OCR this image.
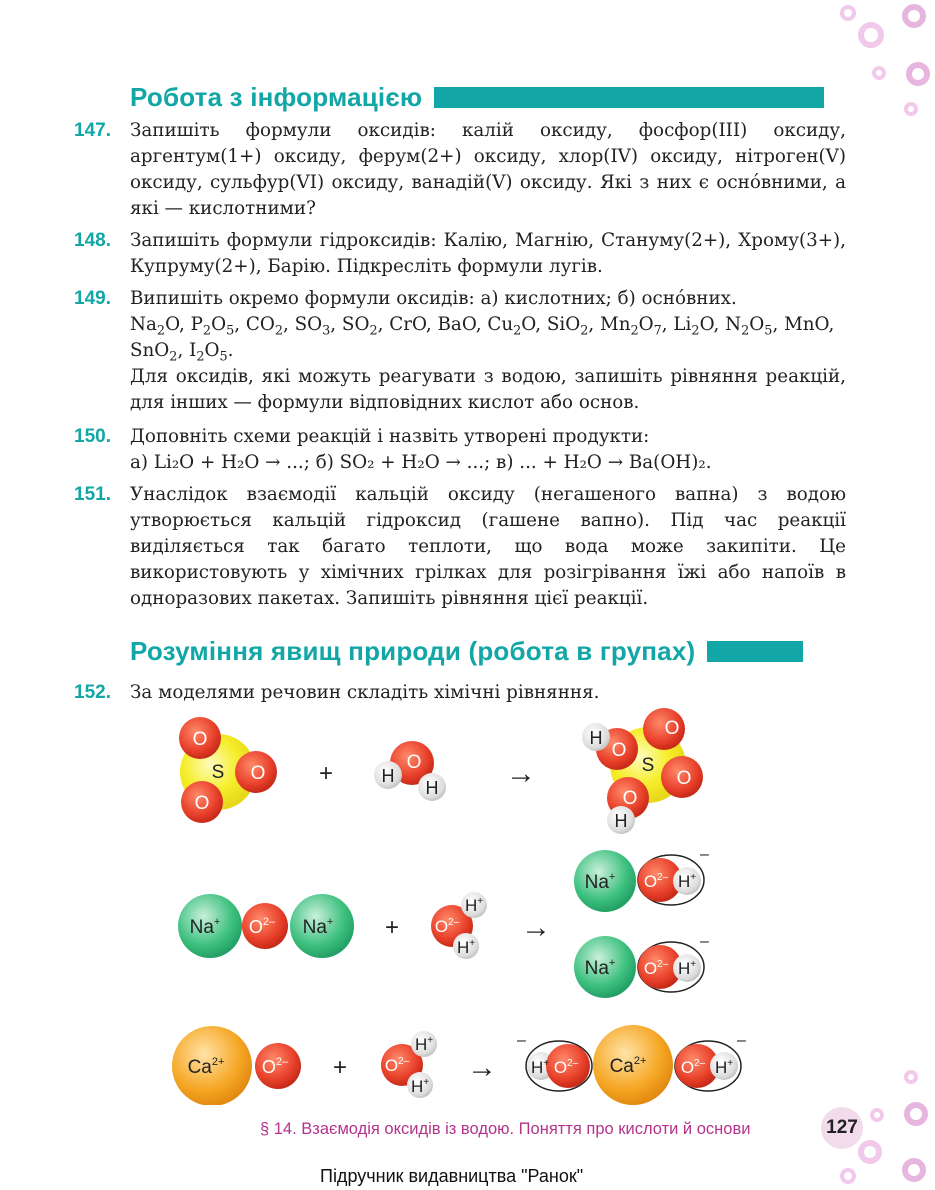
Робота з інформацією
147. Запишіть формули оксидів: калій оксиду, фосфор(III) оксиду, аргентум(1+) оксиду, ферум(2+) оксиду, хлор(IV) оксиду, нітроген(V) оксиду, сульфур(VI) оксиду, ванадій(V) оксиду. Які з них є осно́вними, а які — кислотними?

148. Запишіть формули гідроксидів: Калію, Магнію, Стануму(2+), Хрому(3+), Купруму(2+), Барію. Підкресліть формули лугів.

149. Випишіть окремо формули оксидів: а) кислотних; б) осно́вних.

$Na_2O$, $P_2O_5$, $CO_2$, $SO_3$, $SO_2$, CrO, BaO, $Cu_2O$, SiO$_2$, $Mn_2O_7$, $Li_2O$, $N_2O_5$, MnO, SnO$_2$, $I_2O_5$.

Для оксидів, які можуть реагувати з водою, запишіть рівняння реакцій, для інших — формули відповідних кислот або основ.

150. Доповніть схеми реакцій і назвіть утворені продукти:

а) Li₂O + H₂O → ...; б) SO₂ + H₂O → ...; в) ... + H₂O → Ba(OH)₂.

151. Унаслідок взаємодії кальцій оксиду (негашеного вапна) з водою утворюється кальцій гідроксид (гашене вапно). Під час реакції виділяється так багато теплоти, що вода може закипіти. Це використовують у хімічних грілках для розігрівання їжі або напоїв в одноразових пакетах. Запишіть рівняння цієї реакції.

Розуміння явищ природи (робота в групах)
152. За моделями речовин складіть хімічні рівняння.

S
O
O
O
+	O
H
H →	S
O
O
O
O
H
H
Na+ $O^{2-}$ $Na^+ + O^{2-}$
H+
H+ →
Na+ $O^{2-}$ H+
–
Na+ $O^{2-}$ H+
–
$Ca^{2+}$ $O^{2-} + O^{2-}$
H+
H+ →
–
H+ $O^{2-}$ $Ca^{2+}$ $O^{2-}$ H+
–
§ 14. Взаємодія оксидів із водою. Поняття про кислоти й основи	127
Підручник видавництва "Ранок"
